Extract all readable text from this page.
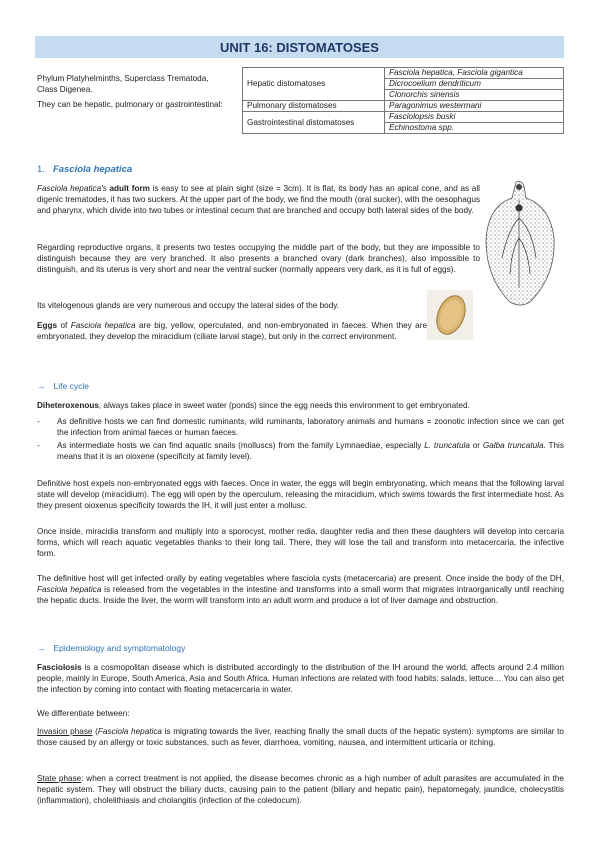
UNIT 16: DISTOMATOSES

Phylum Platyhelminths, Superclass Trematoda, Class Digenea.

They can be hepatic, pulmonary or gastrointestinal:

Hepatic distomatoses	Fasciola hepatica, Fasciola gigantica
	Dicrocoelium dendriticum
	Clonorchis sinensis
Pulmonary distomatoses	Paragonimus westermani
Gastrointestinal distomatoses	Fasciolopsis buski
	Echinostoma spp.
1. Fasciola hepatica

Fasciola hepatica's adult form is easy to see at plain sight (size = 3cm). It is flat, its body has an apical cone, and as all digenic trematodes, it has two suckers. At the upper part of the body, we find the mouth (oral sucker), with the oesophagus and pharynx, which divide into two tubes or intestinal cecum that are branched and occupy both lateral sides of the body.

Regarding reproductive organs, it presents two testes occupying the middle part of the body, but they are impossible to distinguish because they are very branched. It also presents a branched ovary (dark branches), also impossible to distinguish, and its uterus is very short and near the ventral sucker (normally appears very dark, as it is full of eggs).

Its vitelogenous glands are very numerous and occupy the lateral sides of the body.

Eggs of Fasciola hepatica are big, yellow, operculated, and non-embryonated in faeces. When they are embryonated, they develop the miracidium (ciliate larval stage), but only in the correct environment.

→ Life cycle

Diheteroxenous, always takes place in sweet water (ponds) since the egg needs this environment to get embryonated.

-	As definitive hosts we can find domestic ruminants, wild ruminants, laboratory animals and humans = zoonotic infection since we can get the infection from animal faeces or human faeces.
-	As intermediate hosts we can find aquatic snails (molluscs) from the family Lymnaediae, especially L. truncatula or Galba truncatula. This means that it is an oioxene (specificity at family level).

Definitive host expels non-embryonated eggs with faeces. Once in water, the eggs will begin embryonating, which means that the following larval state will develop (miracidium). The egg will open by the operculum, releasing the miracidium, which swims towards the first intermediate host. As they present oioxenus specificity towards the IH, it will just enter a mollusc.

Once inside, miracidia transform and multiply into a sporocyst, mother redia, daughter redia and then these daughters will develop into cercaria forms, which will reach aquatic vegetables thanks to their long tail. There, they will lose the tail and transform into metacercaria, the infective form.

The definitive host will get infected orally by eating vegetables where fasciola cysts (metacercaria) are present. Once inside the body of the DH, Fasciola hepatica is released from the vegetables in the intestine and transforms into a small worm that migrates intraorganically until reaching the hepatic ducts. Inside the liver, the worm will transform into an adult worm and produce a lot of liver damage and obstruction.

→ Epidemiology and symptomatology

Fasciolosis is a cosmopolitan disease which is distributed accordingly to the distribution of the IH around the world, affects around 2.4 million people, mainly in Europe, South America, Asia and South Africa. Human infections are related with food habits: salads, lettuce… You can also get the infection by coming into contact with floating metacercaria in water.

We differentiate between:

Invasion phase (Fasciola hepatica is migrating towards the liver, reaching finally the small ducts of the hepatic system): symptoms are similar to those caused by an allergy or toxic substances, such as fever, diarrhoea, vomiting, nausea, and intermittent urticaria or itching.

State phase: when a correct treatment is not applied, the disease becomes chronic as a high number of adult parasites are accumulated in the hepatic system. They will obstruct the biliary ducts, causing pain to the patient (biliary and hepatic pain), hepatomegaly, jaundice, cholecystitis (inflammation), cholelithiasis and cholangitis (infection of the coledocum).
